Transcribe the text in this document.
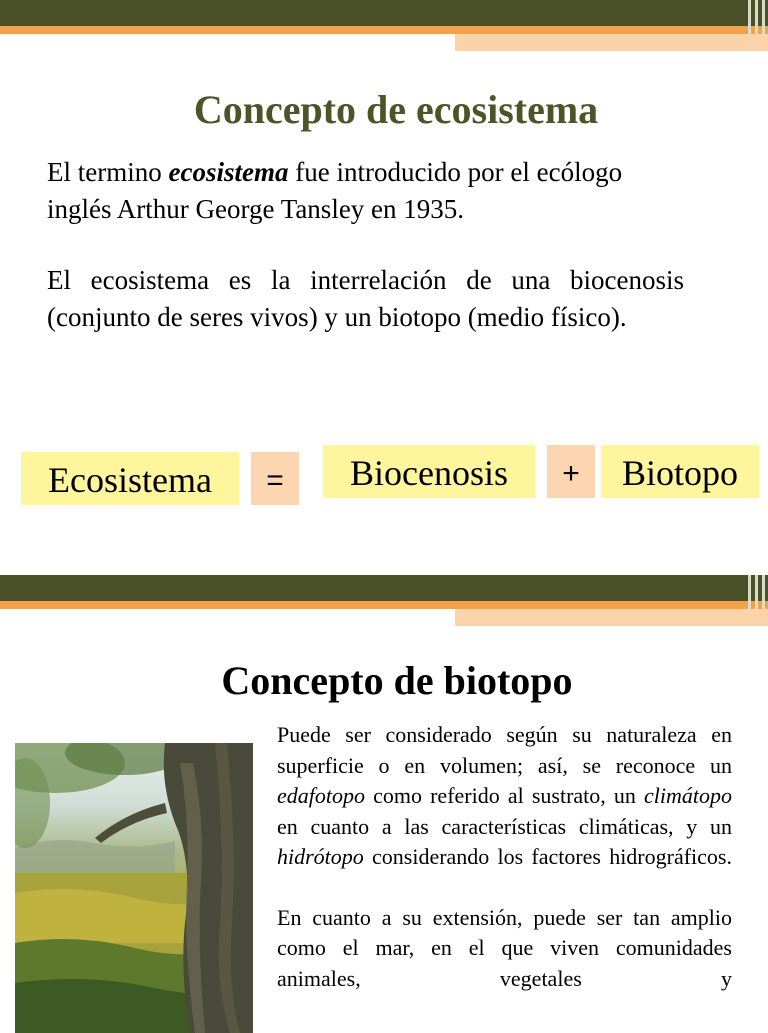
Concepto de ecosistema

El termino ecosistema fue introducido por el ecólogo inglés Arthur George Tansley en 1935.

El ecosistema es la interrelación de una biocenosis (conjunto de seres vivos) y un biotopo (medio físico).

Ecosistema	=	Biocenosis	+	Biotopo
Concepto de biotopo

Puede ser considerado según su naturaleza en superficie o en volumen; así, se reconoce un edafotopo como referido al sustrato, un climátopo en cuanto a las características climáticas, y un hidrótopo considerando los factores hidrográficos.

En cuanto a su extensión, puede ser tan amplio como el mar, en el que viven comunidades animales, vegetales y
